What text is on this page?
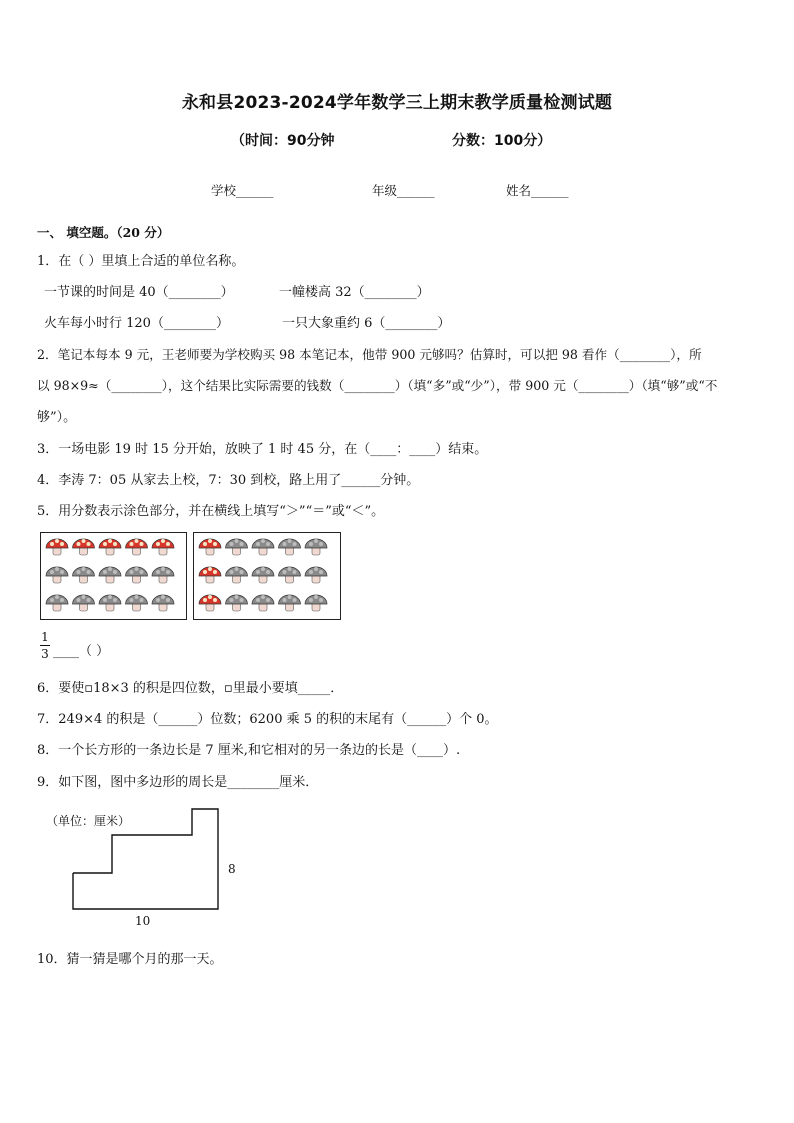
永和县2023-2024学年数学三上期末教学质量检测试题
（时间：90分钟	分数：100分）
学校______	年级______	姓名______
一、 填空题。（20 分）
1．在（ ）里填上合适的单位名称。
一节课的时间是 40（________）	一幢楼高 32（________）
火车每小时行 120（________）	一只大象重约 6（________）
2．笔记本每本 9 元，王老师要为学校购买 98 本笔记本，他带 900 元够吗？估算时，可以把 98 看作（________），所
以 98×9≈（________），这个结果比实际需要的钱数（________）（填“多”或“少”），带 900 元（________）（填“够”或“不
够”）。
3．一场电影 19 时 15 分开始，放映了 1 时 45 分，在（____：____）结束。
4．李涛 7：05 从家去上校，7：30 到校，路上用了______分钟。
5．用分数表示涂色部分，并在横线上填写“＞”“＝”或“＜”。
1
3 ____（ ）
6．要使▫18×3 的积是四位数，▫里最小要填_____．
7．249×4 的积是（______）位数；6200 乘 5 的积的末尾有（______）个 0。
8．一个长方形的一条边长是 7 厘米,和它相对的另一条边的长是（____）.
9．如下图，图中多边形的周长是________厘米．
（单位：厘米）
8
10
10．猜一猜是哪个月的那一天。
